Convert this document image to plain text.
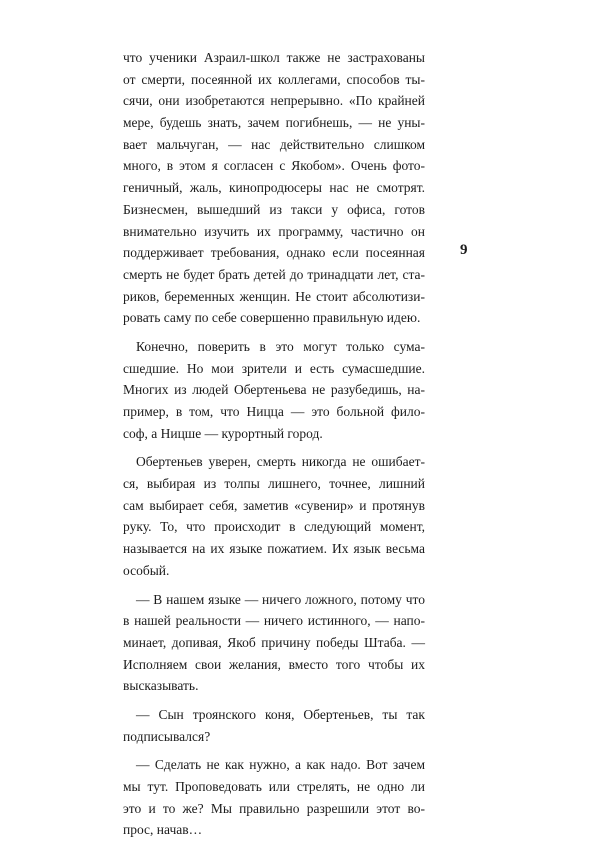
что ученики Азраил-школ также не застрахованы
от смерти, посеянной их коллегами, способов ты-
сячи, они изобретаются непрерывно. «По крайней
мере, будешь знать, зачем погибнешь, — не уны-
вает мальчуган, — нас действительно слишком
много, в этом я согласен с Якобом». Очень фото-
геничный, жаль, кинопродюсеры нас не смотрят.
Бизнесмен, вышедший из такси у офиса, готов
внимательно изучить их программу, частично он
поддерживает требования, однако если посеянная
смерть не будет брать детей до тринадцати лет, ста-
риков, беременных женщин. Не стоит абсолютизи-
ровать саму по себе совершенно правильную идею.
Конечно, поверить в это могут только сума-
сшедшие. Но мои зрители и есть сумасшедшие.
Многих из людей Обертеньева не разубедишь, на-
пример, в том, что Ницца — это больной фило-
соф, а Ницше — курортный город.
Обертеньев уверен, смерть никогда не ошибает-
ся, выбирая из толпы лишнего, точнее, лишний
сам выбирает себя, заметив «сувенир» и протянув
руку. То, что происходит в следующий момент,
называется на их языке пожатием. Их язык весьма
особый.
— В нашем языке — ничего ложного, потому что
в нашей реальности — ничего истинного, — напо-
минает, допивая, Якоб причину победы Штаба. —
Исполняем свои желания, вместо того чтобы их
высказывать.
— Сын троянского коня, Обертеньев, ты так
подписывался?
— Сделать не как нужно, а как надо. Вот зачем
мы тут. Проповедовать или стрелять, не одно ли
это и то же? Мы правильно разрешили этот во-
прос, начав…
9
